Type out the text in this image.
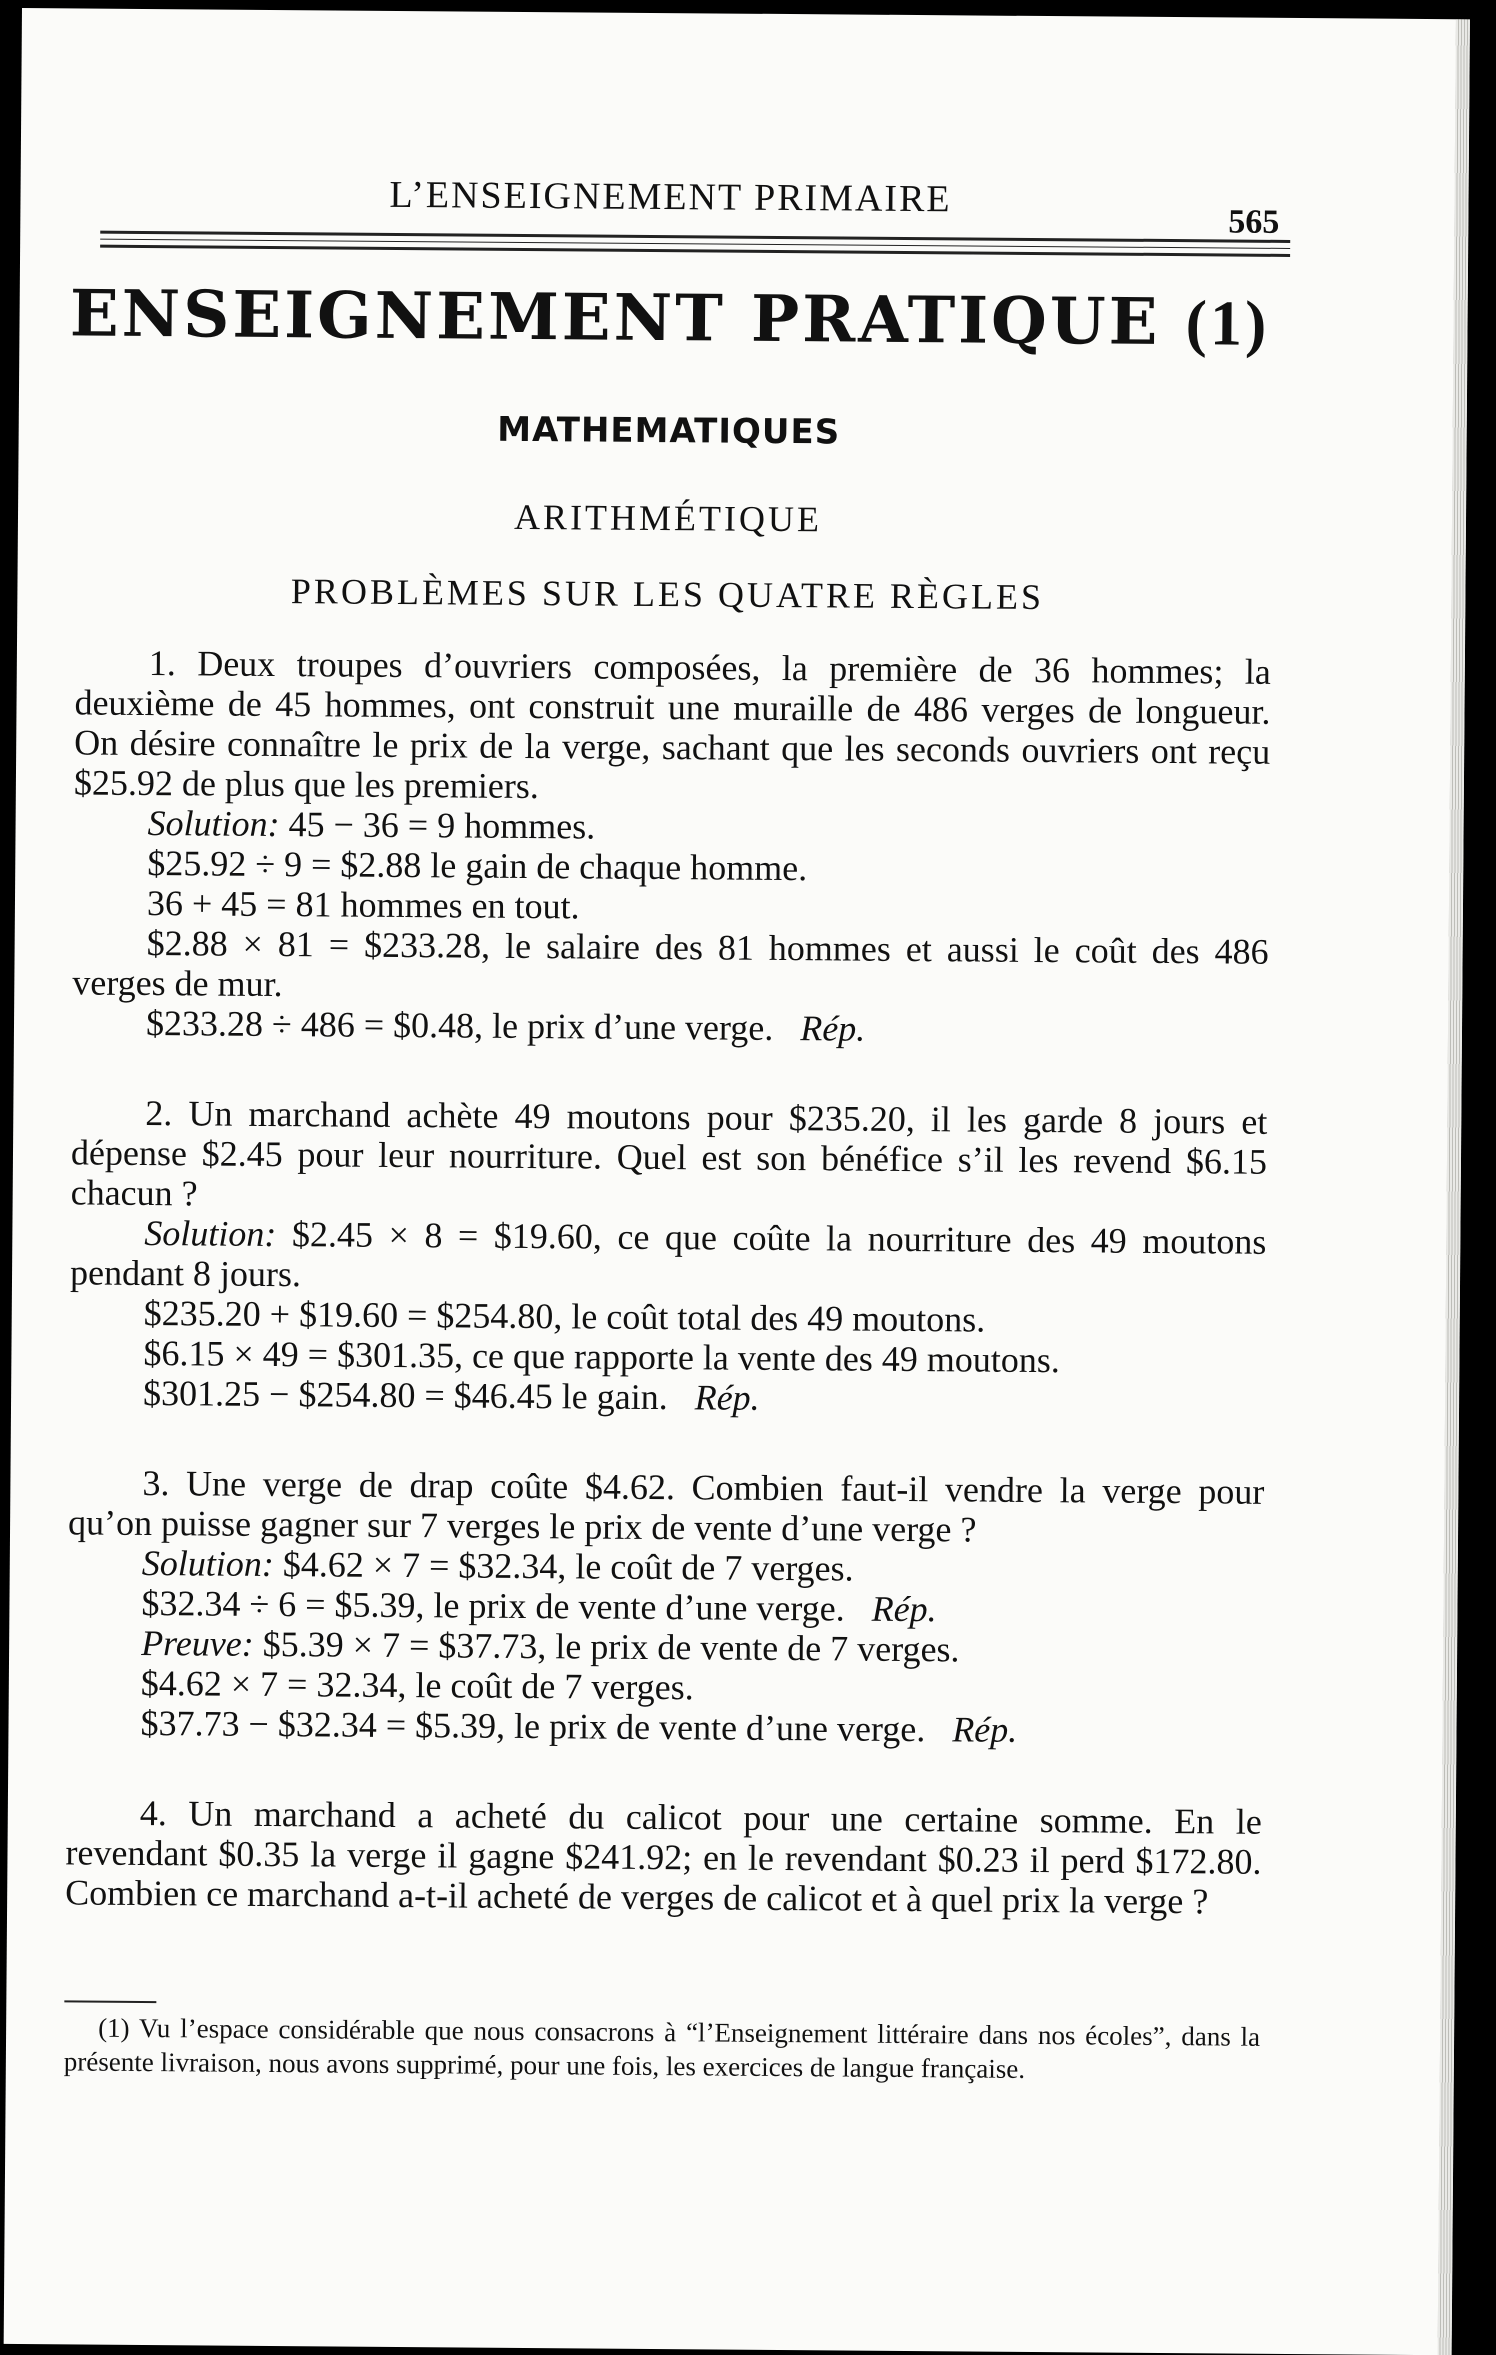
L’ENSEIGNEMENT PRIMAIRE
565
ENSEIGNEMENT PRATIQUE (1)
MATHEMATIQUES
ARITHMÉTIQUE
PROBLÈMES SUR LES QUATRE RÈGLES

1. Deux troupes d’ouvriers composées, la première de 36 hommes; la deuxième de 45 hommes, ont construit une muraille de 486 verges de longueur. On désire connaître le prix de la verge, sachant que les seconds ouvriers ont reçu $25.92 de plus que les premiers.

Solution: 45 − 36 = 9 hommes.
$25.92 ÷ 9 = $2.88 le gain de chaque homme.
36 + 45 = 81 hommes en tout.

$2.88 × 81 = $233.28, le salaire des 81 hommes et aussi le coût des 486 verges de mur.

$233.28 ÷ 486 = $0.48, le prix d’une verge. Rép.

2. Un marchand achète 49 moutons pour $235.20, il les garde 8 jours et dépense $2.45 pour leur nourriture. Quel est son bénéfice s’il les revend $6.15 chacun ?

Solution: $2.45 × 8 = $19.60, ce que coûte la nourriture des 49 moutons pendant 8 jours.

$235.20 + $19.60 = $254.80, le coût total des 49 moutons.
$6.15 × 49 = $301.35, ce que rapporte la vente des 49 moutons.
$301.25 − $254.80 = $46.45 le gain. Rép.

3. Une verge de drap coûte $4.62. Combien faut-il vendre la verge pour qu’on puisse gagner sur 7 verges le prix de vente d’une verge ?

Solution: $4.62 × 7 = $32.34, le coût de 7 verges.
$32.34 ÷ 6 = $5.39, le prix de vente d’une verge. Rép.
Preuve: $5.39 × 7 = $37.73, le prix de vente de 7 verges.
$4.62 × 7 = 32.34, le coût de 7 verges.
$37.73 − $32.34 = $5.39, le prix de vente d’une verge. Rép.

4. Un marchand a acheté du calicot pour une certaine somme. En le revendant $0.35 la verge il gagne $241.92; en le revendant $0.23 il perd $172.80. Combien ce marchand a-t-il acheté de verges de calicot et à quel prix la verge ?

(1) Vu l’espace considérable que nous consacrons à “l’Enseignement littéraire dans nos écoles”, dans la présente livraison, nous avons supprimé, pour une fois, les exercices de langue française.
